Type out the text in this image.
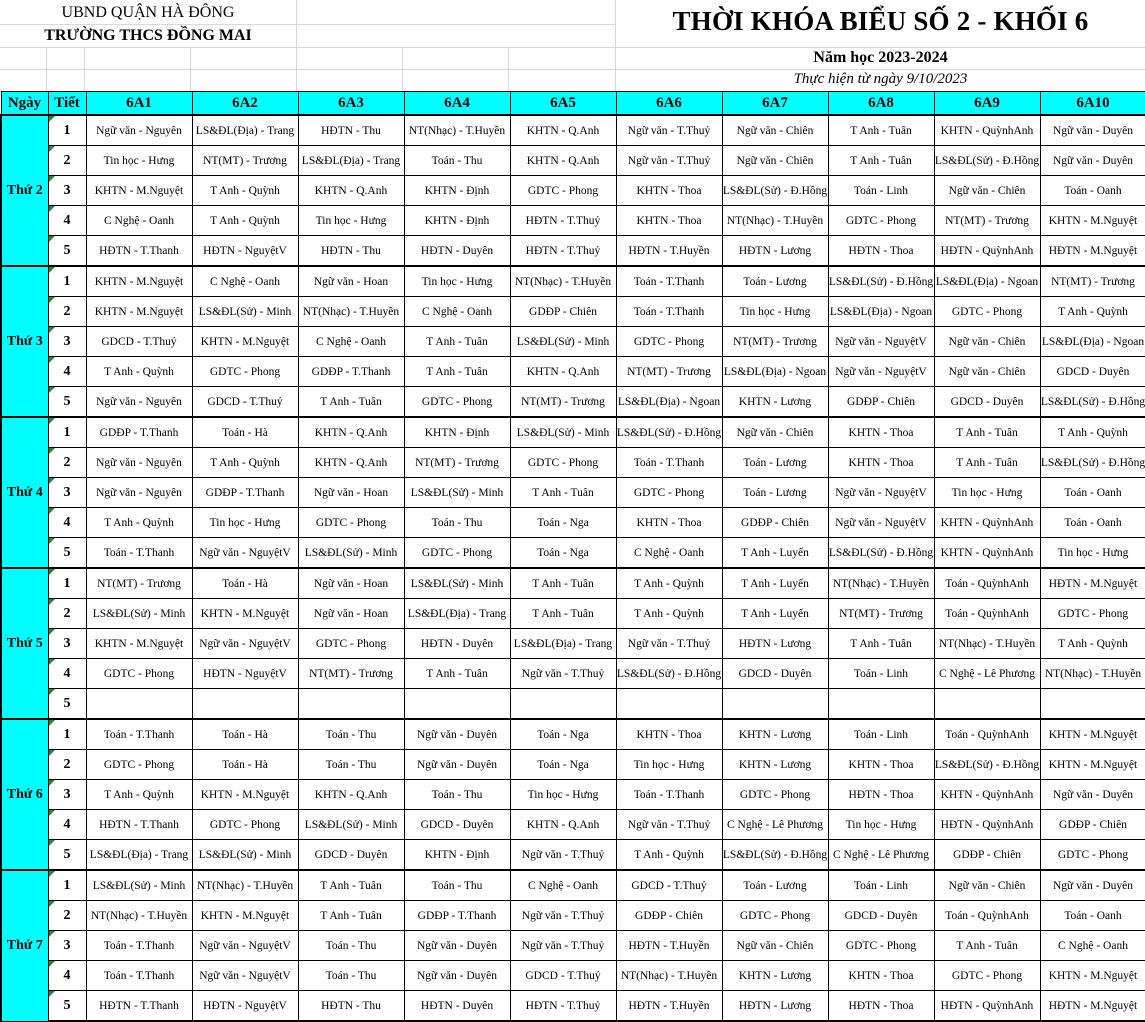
UBND QUẬN HÀ ĐÔNG
TRƯỜNG THCS ĐỒNG MAI	THỜI KHÓA BIỂU SỐ 2 - KHỐI 6
Năm học 2023-2024
Thực hiện từ ngày 9/10/2023
Ngày	Tiết	6A1	6A2	6A3	6A4	6A5	6A6	6A7	6A8	6A9	6A10
Thứ 2	1	Ngữ văn - Nguyên	LS&ĐL(Địa) - Trang	HĐTN - Thu	NT(Nhạc) - T.Huyền	KHTN - Q.Anh	Ngữ văn - T.Thuỷ	Ngữ văn - Chiên	T Anh - Tuân	KHTN - QuỳnhAnh	Ngữ văn - Duyên
	2	Tin học - Hưng	NT(MT) - Trương	LS&ĐL(Địa) - Trang	Toán - Thu	KHTN - Q.Anh	Ngữ văn - T.Thuỷ	Ngữ văn - Chiên	T Anh - Tuân	LS&ĐL(Sử) - Đ.Hồng	Ngữ văn - Duyên
	3	KHTN - M.Nguyệt	T Anh - Quỳnh	KHTN - Q.Anh	KHTN - Định	GDTC - Phong	KHTN - Thoa	LS&ĐL(Sử) - Đ.Hồng	Toán - Linh	Ngữ văn - Chiên	Toán - Oanh
	4	C Nghệ - Oanh	T Anh - Quỳnh	Tin học - Hưng	KHTN - Định	HĐTN - T.Thuỷ	KHTN - Thoa	NT(Nhạc) - T.Huyền	GDTC - Phong	NT(MT) - Trương	KHTN - M.Nguyệt
	5	HĐTN - T.Thanh	HĐTN - NguyệtV	HĐTN - Thu	HĐTN - Duyên	HĐTN - T.Thuỷ	HĐTN - T.Huyền	HĐTN - Lương	HĐTN - Thoa	HĐTN - QuỳnhAnh	HĐTN - M.Nguyệt
Thứ 3	1	KHTN - M.Nguyệt	C Nghệ - Oanh	Ngữ văn - Hoan	Tin học - Hưng	NT(Nhạc) - T.Huyền	Toán - T.Thanh	Toán - Lương	LS&ĐL(Sử) - Đ.Hồng	LS&ĐL(Địa) - Ngoan	NT(MT) - Trương
	2	KHTN - M.Nguyệt	LS&ĐL(Sử) - Minh	NT(Nhạc) - T.Huyền	C Nghệ - Oanh	GDĐP - Chiên	Toán - T.Thanh	Tin học - Hưng	LS&ĐL(Địa) - Ngoan	GDTC - Phong	T Anh - Quỳnh
	3	GDCD - T.Thuỷ	KHTN - M.Nguyệt	C Nghệ - Oanh	T Anh - Tuân	LS&ĐL(Sử) - Minh	GDTC - Phong	NT(MT) - Trương	Ngữ văn - NguyệtV	Ngữ văn - Chiên	LS&ĐL(Địa) - Ngoan
	4	T Anh - Quỳnh	GDTC - Phong	GDĐP - T.Thanh	T Anh - Tuân	KHTN - Q.Anh	NT(MT) - Trương	LS&ĐL(Địa) - Ngoan	Ngữ văn - NguyệtV	Ngữ văn - Chiên	GDCD - Duyên
	5	Ngữ văn - Nguyên	GDCD - T.Thuỷ	T Anh - Tuân	GDTC - Phong	NT(MT) - Trương	LS&ĐL(Địa) - Ngoan	KHTN - Lương	GDĐP - Chiên	GDCD - Duyên	LS&ĐL(Sử) - Đ.Hồng
Thứ 4	1	GDĐP - T.Thanh	Toán - Hà	KHTN - Q.Anh	KHTN - Định	LS&ĐL(Sử) - Minh	LS&ĐL(Sử) - Đ.Hồng	Ngữ văn - Chiên	KHTN - Thoa	T Anh - Tuân	T Anh - Quỳnh
	2	Ngữ văn - Nguyên	T Anh - Quỳnh	KHTN - Q.Anh	NT(MT) - Trương	GDTC - Phong	Toán - T.Thanh	Toán - Lương	KHTN - Thoa	T Anh - Tuân	LS&ĐL(Sử) - Đ.Hồng
	3	Ngữ văn - Nguyên	GDĐP - T.Thanh	Ngữ văn - Hoan	LS&ĐL(Sử) - Minh	T Anh - Tuân	GDTC - Phong	Toán - Lương	Ngữ văn - NguyệtV	Tin học - Hưng	Toán - Oanh
	4	T Anh - Quỳnh	Tin học - Hưng	GDTC - Phong	Toán - Thu	Toán - Nga	KHTN - Thoa	GDĐP - Chiên	Ngữ văn - NguyệtV	KHTN - QuỳnhAnh	Toán - Oanh
	5	Toán - T.Thanh	Ngữ văn - NguyệtV	LS&ĐL(Sử) - Minh	GDTC - Phong	Toán - Nga	C Nghệ - Oanh	T Anh - Luyến	LS&ĐL(Sử) - Đ.Hồng	KHTN - QuỳnhAnh	Tin học - Hưng
Thứ 5	1	NT(MT) - Trương	Toán - Hà	Ngữ văn - Hoan	LS&ĐL(Sử) - Minh	T Anh - Tuân	T Anh - Quỳnh	T Anh - Luyến	NT(Nhạc) - T.Huyền	Toán - QuỳnhAnh	HĐTN - M.Nguyệt
	2	LS&ĐL(Sử) - Minh	KHTN - M.Nguyệt	Ngữ văn - Hoan	LS&ĐL(Địa) - Trang	T Anh - Tuân	T Anh - Quỳnh	T Anh - Luyến	NT(MT) - Trương	Toán - QuỳnhAnh	GDTC - Phong
	3	KHTN - M.Nguyệt	Ngữ văn - NguyệtV	GDTC - Phong	HĐTN - Duyên	LS&ĐL(Địa) - Trang	Ngữ văn - T.Thuỷ	HĐTN - Lương	T Anh - Tuân	NT(Nhạc) - T.Huyền	T Anh - Quỳnh
	4	GDTC - Phong	HĐTN - NguyệtV	NT(MT) - Trương	T Anh - Tuân	Ngữ văn - T.Thuỷ	LS&ĐL(Sử) - Đ.Hồng	GDCD - Duyên	Toán - Linh	C Nghệ - Lê Phương	NT(Nhạc) - T.Huyền
	5										
Thứ 6	1	Toán - T.Thanh	Toán - Hà	Toán - Thu	Ngữ văn - Duyên	Toán - Nga	KHTN - Thoa	KHTN - Lương	Toán - Linh	Toán - QuỳnhAnh	KHTN - M.Nguyệt
	2	GDTC - Phong	Toán - Hà	Toán - Thu	Ngữ văn - Duyên	Toán - Nga	Tin học - Hưng	KHTN - Lương	KHTN - Thoa	LS&ĐL(Sử) - Đ.Hồng	KHTN - M.Nguyệt
	3	T Anh - Quỳnh	KHTN - M.Nguyệt	KHTN - Q.Anh	Toán - Thu	Tin học - Hưng	Toán - T.Thanh	GDTC - Phong	HĐTN - Thoa	KHTN - QuỳnhAnh	Ngữ văn - Duyên
	4	HĐTN - T.Thanh	GDTC - Phong	LS&ĐL(Sử) - Minh	GDCD - Duyên	KHTN - Q.Anh	Ngữ văn - T.Thuỷ	C Nghệ - Lê Phương	Tin học - Hưng	HĐTN - QuỳnhAnh	GDĐP - Chiên
	5	LS&ĐL(Địa) - Trang	LS&ĐL(Sử) - Minh	GDCD - Duyên	KHTN - Định	Ngữ văn - T.Thuỷ	T Anh - Quỳnh	LS&ĐL(Sử) - Đ.Hồng	C Nghệ - Lê Phương	GDĐP - Chiên	GDTC - Phong
Thứ 7	1	LS&ĐL(Sử) - Minh	NT(Nhạc) - T.Huyền	T Anh - Tuân	Toán - Thu	C Nghệ - Oanh	GDCD - T.Thuỷ	Toán - Lương	Toán - Linh	Ngữ văn - Chiên	Ngữ văn - Duyên
	2	NT(Nhạc) - T.Huyền	KHTN - M.Nguyệt	T Anh - Tuân	GDĐP - T.Thanh	Ngữ văn - T.Thuỷ	GDĐP - Chiên	GDTC - Phong	GDCD - Duyên	Toán - QuỳnhAnh	Toán - Oanh
	3	Toán - T.Thanh	Ngữ văn - NguyệtV	Toán - Thu	Ngữ văn - Duyên	Ngữ văn - T.Thuỷ	HĐTN - T.Huyền	Ngữ văn - Chiên	GDTC - Phong	T Anh - Tuân	C Nghệ - Oanh
	4	Toán - T.Thanh	Ngữ văn - NguyệtV	Toán - Thu	Ngữ văn - Duyên	GDCD - T.Thuỷ	NT(Nhạc) - T.Huyền	KHTN - Lương	KHTN - Thoa	GDTC - Phong	KHTN - M.Nguyệt
	5	HĐTN - T.Thanh	HĐTN - NguyệtV	HĐTN - Thu	HĐTN - Duyên	HĐTN - T.Thuỷ	HĐTN - T.Huyền	HĐTN - Lương	HĐTN - Thoa	HĐTN - QuỳnhAnh	HĐTN - M.Nguyệt
